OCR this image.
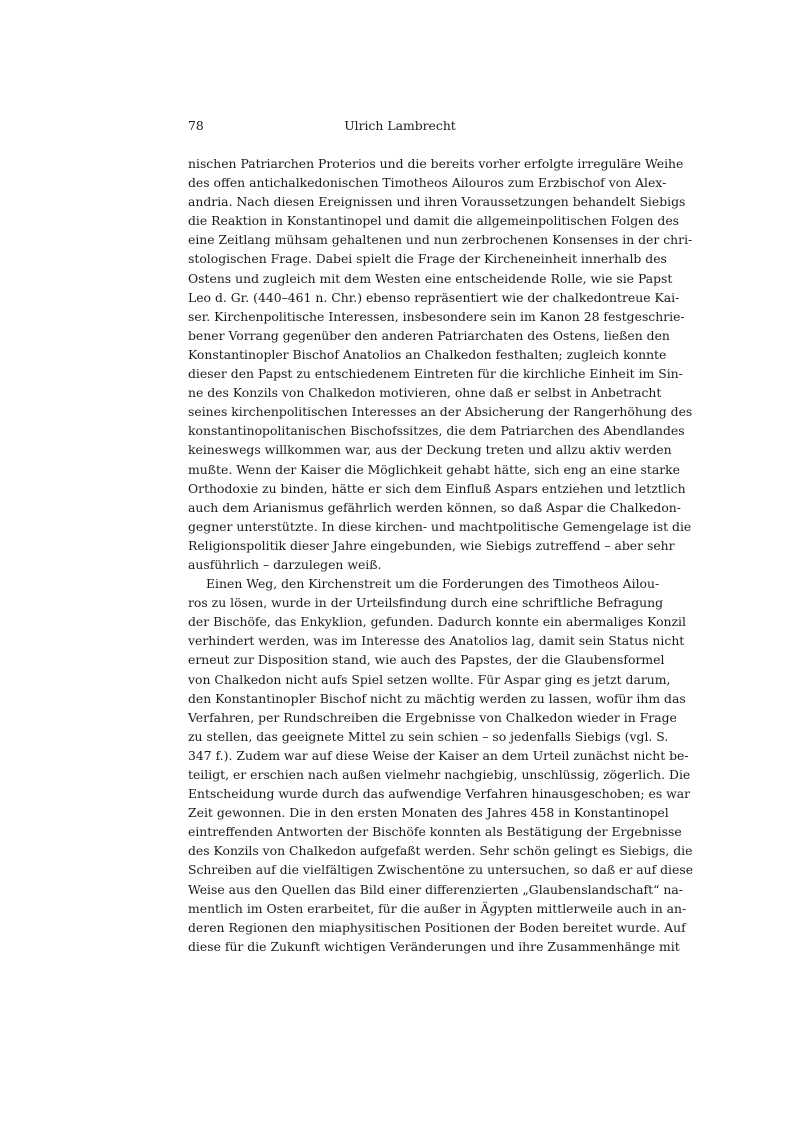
78	Ulrich Lambrecht
nischen Patriarchen Proterios und die bereits vorher erfolgte irreguläre Weihe
des offen antichalkedonischen Timotheos Ailouros zum Erzbischof von Alex-
andria. Nach diesen Ereignissen und ihren Voraussetzungen behandelt Siebigs
die Reaktion in Konstantinopel und damit die allgemeinpolitischen Folgen des
eine Zeitlang mühsam gehaltenen und nun zerbrochenen Konsenses in der chri-
stologischen Frage. Dabei spielt die Frage der Kircheneinheit innerhalb des
Ostens und zugleich mit dem Westen eine entscheidende Rolle, wie sie Papst
Leo d. Gr. (440–461 n. Chr.) ebenso repräsentiert wie der chalkedontreue Kai-
ser. Kirchenpolitische Interessen, insbesondere sein im Kanon 28 festgeschrie-
bener Vorrang gegenüber den anderen Patriarchaten des Ostens, ließen den
Konstantinopler Bischof Anatolios an Chalkedon festhalten; zugleich konnte
dieser den Papst zu entschiedenem Eintreten für die kirchliche Einheit im Sin-
ne des Konzils von Chalkedon motivieren, ohne daß er selbst in Anbetracht
seines kirchenpolitischen Interesses an der Absicherung der Rangerhöhung des
konstantinopolitanischen Bischofssitzes, die dem Patriarchen des Abendlandes
keineswegs willkommen war, aus der Deckung treten und allzu aktiv werden
mußte. Wenn der Kaiser die Möglichkeit gehabt hätte, sich eng an eine starke
Orthodoxie zu binden, hätte er sich dem Einfluß Aspars entziehen und letztlich
auch dem Arianismus gefährlich werden können, so daß Aspar die Chalkedon-
gegner unterstützte. In diese kirchen- und machtpolitische Gemengelage ist die
Religionspolitik dieser Jahre eingebunden, wie Siebigs zutreffend – aber sehr
ausführlich – darzulegen weiß.
Einen Weg, den Kirchenstreit um die Forderungen des Timotheos Ailou-
ros zu lösen, wurde in der Urteilsfindung durch eine schriftliche Befragung
der Bischöfe, das Enkyklion, gefunden. Dadurch konnte ein abermaliges Konzil
verhindert werden, was im Interesse des Anatolios lag, damit sein Status nicht
erneut zur Disposition stand, wie auch des Papstes, der die Glaubensformel
von Chalkedon nicht aufs Spiel setzen wollte. Für Aspar ging es jetzt darum,
den Konstantinopler Bischof nicht zu mächtig werden zu lassen, wofür ihm das
Verfahren, per Rundschreiben die Ergebnisse von Chalkedon wieder in Frage
zu stellen, das geeignete Mittel zu sein schien – so jedenfalls Siebigs (vgl. S.
347 f.). Zudem war auf diese Weise der Kaiser an dem Urteil zunächst nicht be-
teiligt, er erschien nach außen vielmehr nachgiebig, unschlüssig, zögerlich. Die
Entscheidung wurde durch das aufwendige Verfahren hinausgeschoben; es war
Zeit gewonnen. Die in den ersten Monaten des Jahres 458 in Konstantinopel
eintreffenden Antworten der Bischöfe konnten als Bestätigung der Ergebnisse
des Konzils von Chalkedon aufgefaßt werden. Sehr schön gelingt es Siebigs, die
Schreiben auf die vielfältigen Zwischentöne zu untersuchen, so daß er auf diese
Weise aus den Quellen das Bild einer differenzierten „Glaubenslandschaft“ na-
mentlich im Osten erarbeitet, für die außer in Ägypten mittlerweile auch in an-
deren Regionen den miaphysitischen Positionen der Boden bereitet wurde. Auf
diese für die Zukunft wichtigen Veränderungen und ihre Zusammenhänge mit
